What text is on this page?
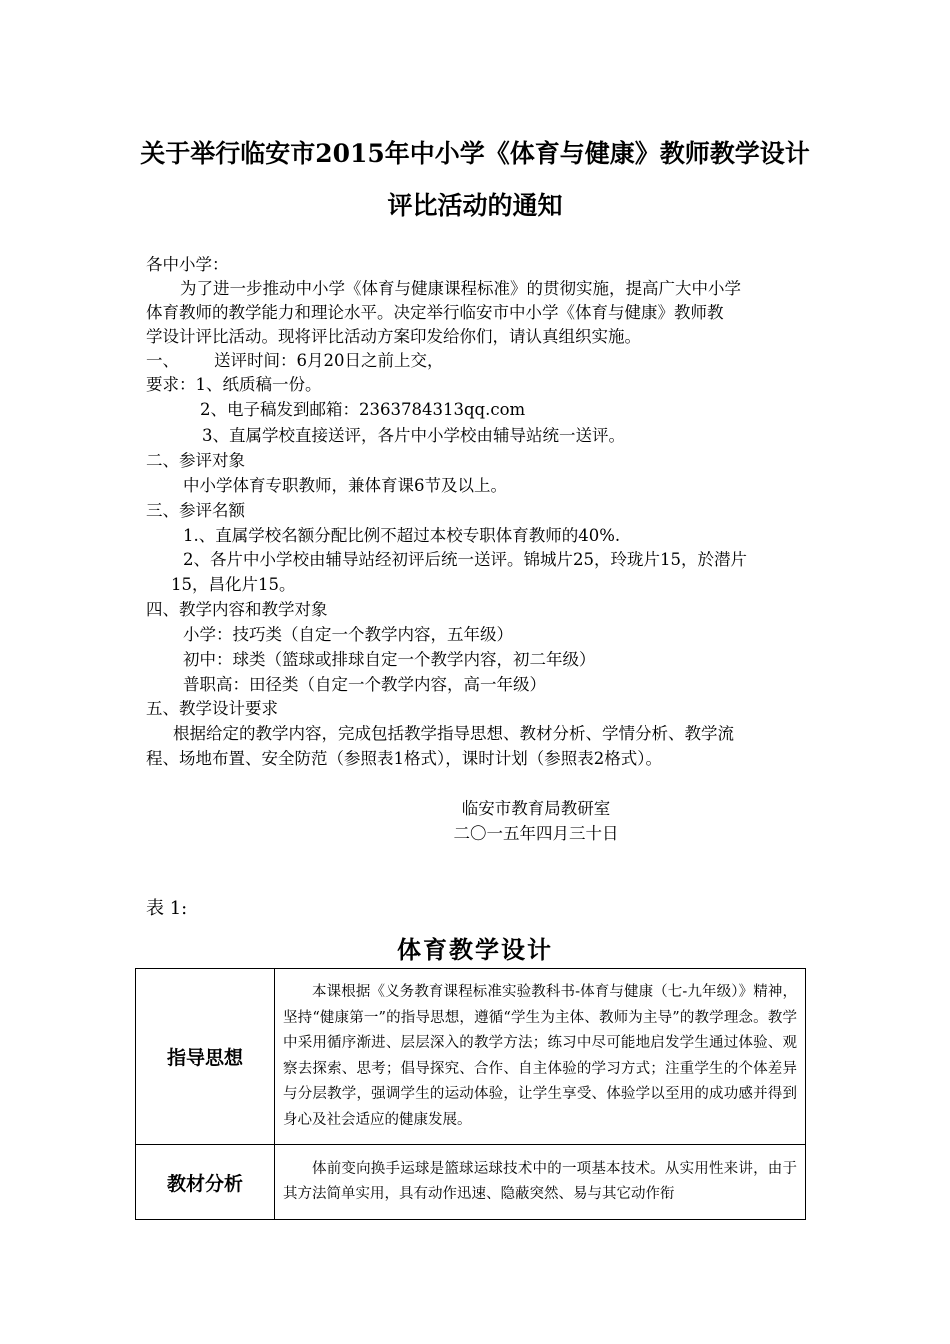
关于举行临安市2015年中小学《体育与健康》教师教学设计
评比活动的通知
各中小学：
为了进一步推动中小学《体育与健康课程标准》的贯彻实施，提高广大中小学
体育教师的教学能力和理论水平。决定举行临安市中小学《体育与健康》教师教
学设计评比活动。现将评比活动方案印发给你们，请认真组织实施。
一、 送评时间：6月20日之前上交，
要求：1、纸质稿一份。
2、电子稿发到邮箱：2363784313qq.com
3、直属学校直接送评，各片中小学校由辅导站统一送评。
二、参评对象
中小学体育专职教师，兼体育课6节及以上。
三、参评名额
1.、直属学校名额分配比例不超过本校专职体育教师的40%.
2、各片中小学校由辅导站经初评后统一送评。锦城片25，玲珑片15，於潜片
15，昌化片15。
四、教学内容和教学对象
小学：技巧类（自定一个教学内容，五年级）
初中：球类（篮球或排球自定一个教学内容，初二年级）
普职高：田径类（自定一个教学内容，高一年级）
五、教学设计要求
根据给定的教学内容，完成包括教学指导思想、教材分析、学情分析、教学流
程、场地布置、安全防范（参照表1格式），课时计划（参照表2格式）。
临安市教育局教研室
二〇一五年四月三十日
表 1:
体育教学设计
指导思想	本课根据《义务教育课程标准实验教科书-体育与健康（七-九年级）》精神，坚持“健康第一”的指导思想，遵循“学生为主体、教师为主导”的教学理念。教学中采用循序渐进、层层深入的教学方法；练习中尽可能地启发学生通过体验、观察去探索、思考；倡导探究、合作、自主体验的学习方式；注重学生的个体差异与分层教学，强调学生的运动体验，让学生享受、体验学以至用的成功感并得到身心及社会适应的健康发展。

教材分析	体前变向换手运球是篮球运球技术中的一项基本技术。从实用性来讲，由于其方法简单实用，具有动作迅速、隐蔽突然、易与其它动作衔
